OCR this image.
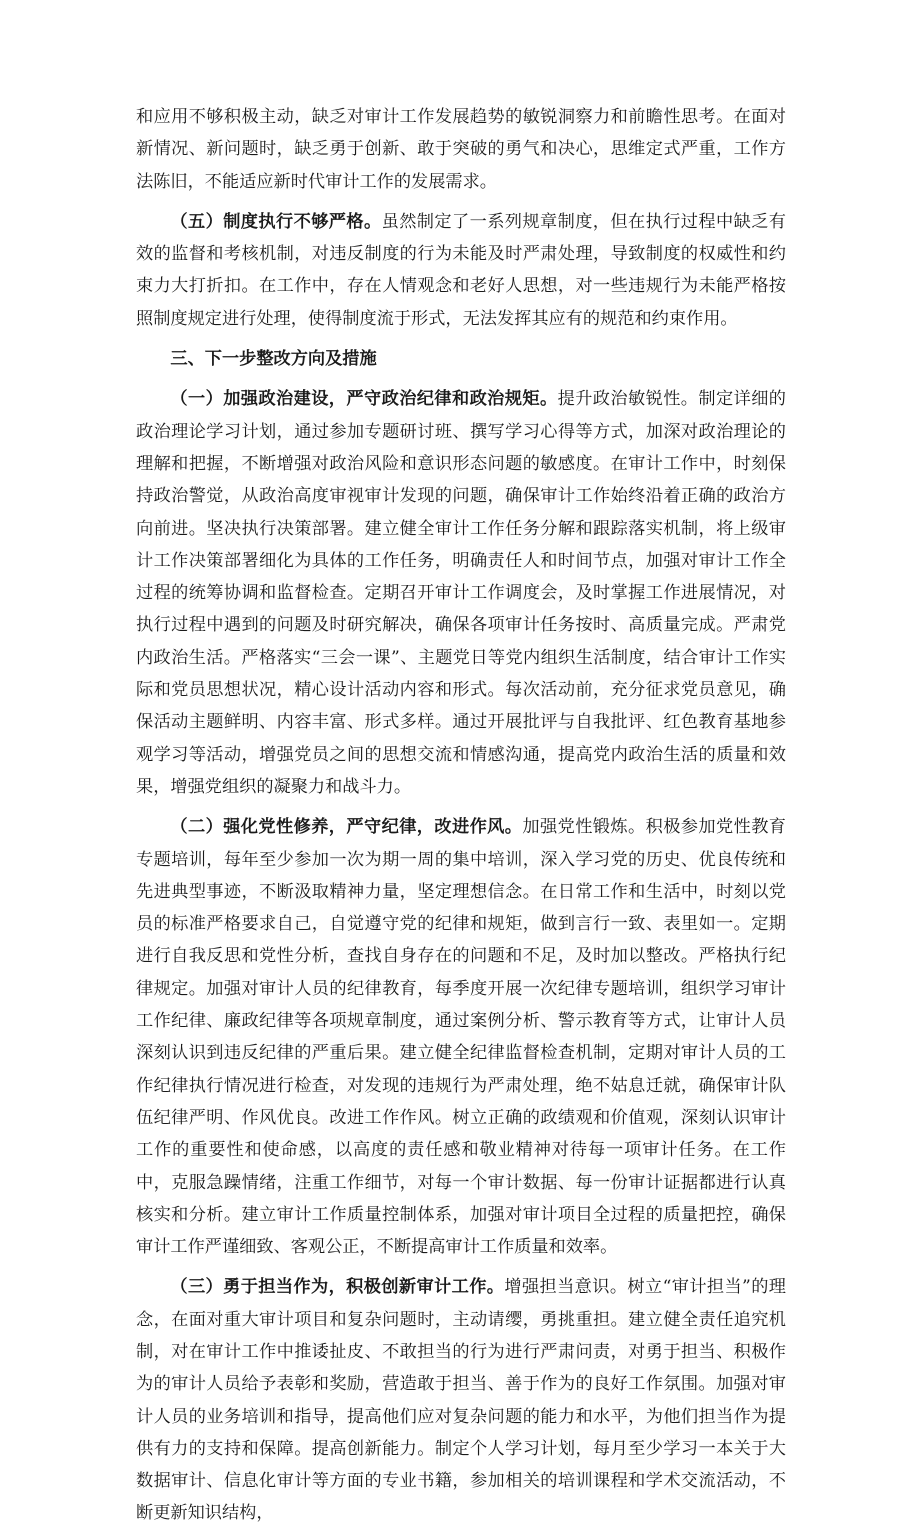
和应用不够积极主动，缺乏对审计工作发展趋势的敏锐洞察力和前瞻性思考。在面对新情况、新问题时，缺乏勇于创新、敢于突破的勇气和决心，思维定式严重，工作方法陈旧，不能适应新时代审计工作的发展需求。

（五）制度执行不够严格。虽然制定了一系列规章制度，但在执行过程中缺乏有效的监督和考核机制，对违反制度的行为未能及时严肃处理，导致制度的权威性和约束力大打折扣。在工作中，存在人情观念和老好人思想，对一些违规行为未能严格按照制度规定进行处理，使得制度流于形式，无法发挥其应有的规范和约束作用。

三、下一步整改方向及措施

（一）加强政治建设，严守政治纪律和政治规矩。提升政治敏锐性。制定详细的政治理论学习计划，通过参加专题研讨班、撰写学习心得等方式，加深对政治理论的理解和把握，不断增强对政治风险和意识形态问题的敏感度。在审计工作中，时刻保持政治警觉，从政治高度审视审计发现的问题，确保审计工作始终沿着正确的政治方向前进。坚决执行决策部署。建立健全审计工作任务分解和跟踪落实机制，将上级审计工作决策部署细化为具体的工作任务，明确责任人和时间节点，加强对审计工作全过程的统筹协调和监督检查。定期召开审计工作调度会，及时掌握工作进展情况，对执行过程中遇到的问题及时研究解决，确保各项审计任务按时、高质量完成。严肃党内政治生活。严格落实“三会一课”、主题党日等党内组织生活制度，结合审计工作实际和党员思想状况，精心设计活动内容和形式。每次活动前，充分征求党员意见，确保活动主题鲜明、内容丰富、形式多样。通过开展批评与自我批评、红色教育基地参观学习等活动，增强党员之间的思想交流和情感沟通，提高党内政治生活的质量和效果，增强党组织的凝聚力和战斗力。

（二）强化党性修养，严守纪律，改进作风。加强党性锻炼。积极参加党性教育专题培训，每年至少参加一次为期一周的集中培训，深入学习党的历史、优良传统和先进典型事迹，不断汲取精神力量，坚定理想信念。在日常工作和生活中，时刻以党员的标准严格要求自己，自觉遵守党的纪律和规矩，做到言行一致、表里如一。定期进行自我反思和党性分析，查找自身存在的问题和不足，及时加以整改。严格执行纪律规定。加强对审计人员的纪律教育，每季度开展一次纪律专题培训，组织学习审计工作纪律、廉政纪律等各项规章制度，通过案例分析、警示教育等方式，让审计人员深刻认识到违反纪律的严重后果。建立健全纪律监督检查机制，定期对审计人员的工作纪律执行情况进行检查，对发现的违规行为严肃处理，绝不姑息迁就，确保审计队伍纪律严明、作风优良。改进工作作风。树立正确的政绩观和价值观，深刻认识审计工作的重要性和使命感，以高度的责任感和敬业精神对待每一项审计任务。在工作中，克服急躁情绪，注重工作细节，对每一个审计数据、每一份审计证据都进行认真核实和分析。建立审计工作质量控制体系，加强对审计项目全过程的质量把控，确保审计工作严谨细致、客观公正，不断提高审计工作质量和效率。

（三）勇于担当作为，积极创新审计工作。增强担当意识。树立“审计担当”的理念，在面对重大审计项目和复杂问题时，主动请缨，勇挑重担。建立健全责任追究机制，对在审计工作中推诿扯皮、不敢担当的行为进行严肃问责，对勇于担当、积极作为的审计人员给予表彰和奖励，营造敢于担当、善于作为的良好工作氛围。加强对审计人员的业务培训和指导，提高他们应对复杂问题的能力和水平，为他们担当作为提供有力的支持和保障。提高创新能力。制定个人学习计划，每月至少学习一本关于大数据审计、信息化审计等方面的专业书籍，参加相关的培训课程和学术交流活动，不断更新知识结构，
